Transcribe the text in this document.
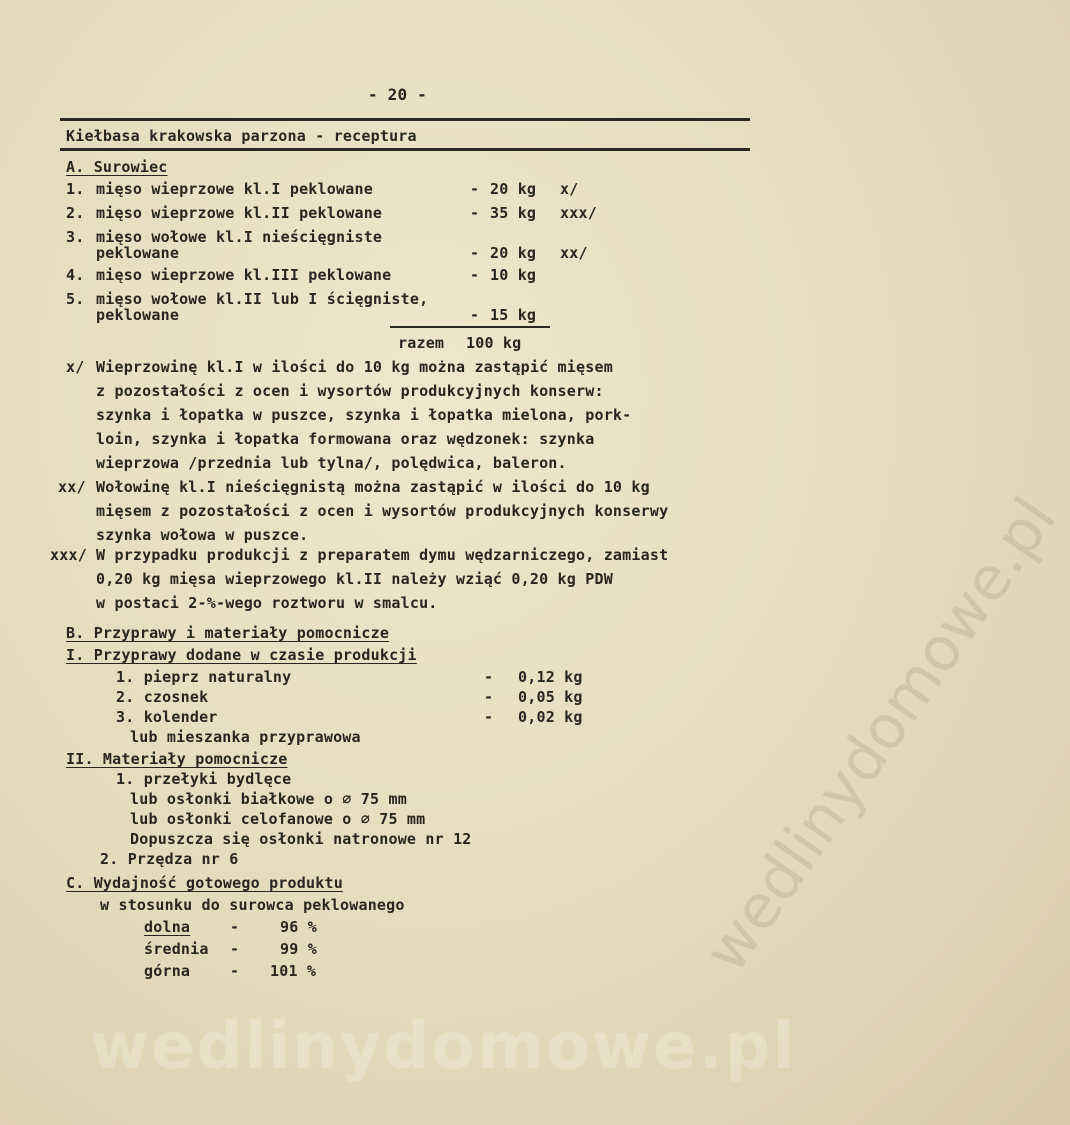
- 20 -
Kiełbasa krakowska parzona - receptura
A. Surowiec
1. mięso wieprzowe kl.I peklowane	- 20 kg x/
2. mięso wieprzowe kl.II peklowane	- 35 kg xxx/
3. mięso wołowe kl.I nieścięgniste
peklowane	- 20 kg xx/
4. mięso wieprzowe kl.III peklowane	- 10 kg
5. mięso wołowe kl.II lub I ścięgniste,
peklowane	- 15 kg
razem 100 kg
x/ Wieprzowinę kl.I w ilości do 10 kg można zastąpić mięsem
z pozostałości z ocen i wysortów produkcyjnych konserw:
szynka i łopatka w puszce, szynka i łopatka mielona, pork-
loin, szynka i łopatka formowana oraz wędzonek: szynka
wieprzowa /przednia lub tylna/, polędwica, baleron.
xx/ Wołowinę kl.I nieścięgnistą można zastąpić w ilości do 10 kg
mięsem z pozostałości z ocen i wysortów produkcyjnych konserwy
szynka wołowa w puszce.
xxx/ W przypadku produkcji z preparatem dymu wędzarniczego, zamiast
0,20 kg mięsa wieprzowego kl.II należy wziąć 0,20 kg PDW
w postaci 2-%-wego roztworu w smalcu.
B. Przyprawy i materiały pomocnicze
I. Przyprawy dodane w czasie produkcji
1. pieprz naturalny	- 0,12 kg
2. czosnek	- 0,05 kg
3. kolender	- 0,02 kg
lub mieszanka przyprawowa
II. Materiały pomocnicze
1. przełyki bydlęce
lub osłonki białkowe o ∅ 75 mm
lub osłonki celofanowe o ∅ 75 mm
Dopuszcza się osłonki natronowe nr 12
2. Przędza nr 6
C. Wydajność gotowego produktu
w stosunku do surowca peklowanego
dolna	-	96 %
średnia -	99 %
górna	- 101 %	wedlinydomowe.pl
wedlinydomowe.pl
